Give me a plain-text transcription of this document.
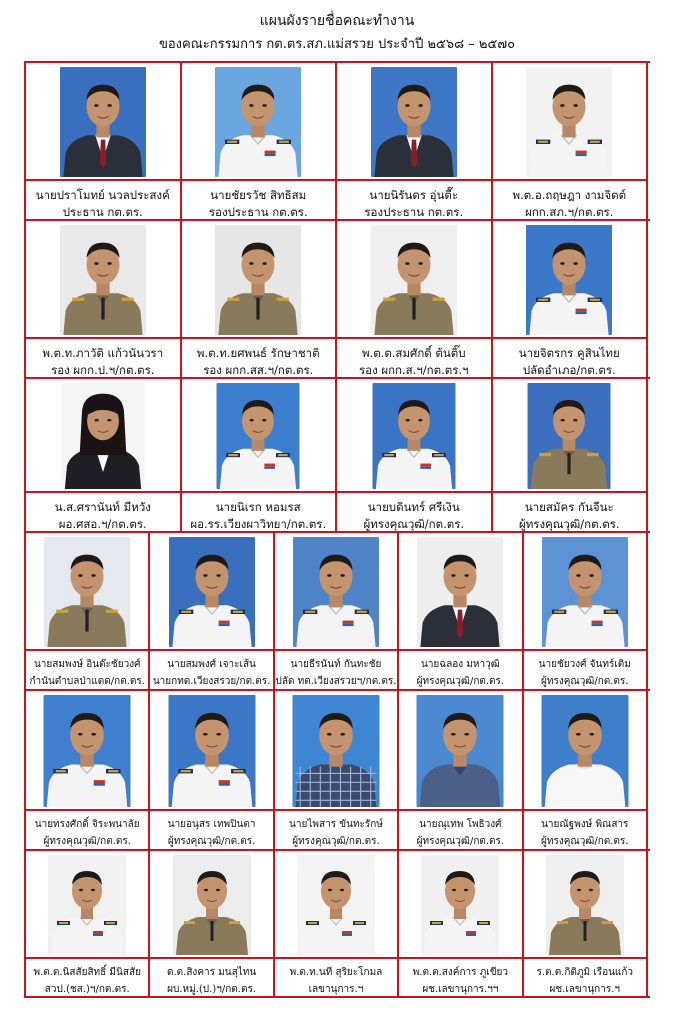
แผนผังรายชื่อคณะทำงาน
ของคณะกรรมการ กต.ตร.สภ.แม่สรวย ประจำปี ๒๕๖๘ – ๒๕๗๐
นายปราโมทย์ นวลประสงค์
ประธาน กต.ตร.
นายชัยรวัช สิทธิสม
รองประธาน กต.ตร.
นายนิรันดร อุ่นตื๊ะ
รองประธาน กต.ตร.
พ.ต.อ.ถฤษฎา งามจิตต์
ผกก.สภ.ฯ/กต.ตร.
พ.ต.ท.ภาวัติ แก้วนันวรา
รอง ผกก.ป.ฯ/กต.ตร.
พ.ต.ท.ยศพนธ์ รักษาชาติ
รอง ผกก.สส.ฯ/กต.ตร.
พ.ต.ต.สมศักดิ์ ต้นติ๊บ
รอง ผกก.ส.ฯ/กต.ตร.ฯ
นายจิตรกร คูสินไทย
ปลัดอำเภอ/กต.ตร.
น.ส.ศรานันท์ มีหวัง
ผอ.ศสอ.ฯ/กต.ตร.
นายนิเรก หอมรส
ผอ.รร.เวียงผาวิทยา/กต.ตร.
นายบดินทร์ ศรีเงิน
ผู้ทรงคุณวุฒิ/กต.ตร.
นายสมัคร กันจีนะ
ผู้ทรงคุณวุฒิ/กต.ตร.
นายสมพงษ์ อินต๊ะชัยวงศ์
กำนันตำบลป่าแดด/กต.ตร.
นายสมพงศ์ เจาะเส้น
นายกทต.เวียงสรวย/กต.ตร.
นายธีรนันท์ กันทะชัย
ปลัด ทต.เวียงสรวยฯ/กต.ตร.
นายฉลอง มหาวุฒิ
ผู้ทรงคุณวุฒิ/กต.ตร.
นายชัยวงศ์ จันทร์เติม
ผู้ทรงคุณวุฒิ/กต.ตร.
นายทรงศักดิ์ จิระพนาลัย
ผู้ทรงคุณวุฒิ/กต.ตร.
นายอนุสร เทพปินตา
ผู้ทรงคุณวุฒิ/กต.ตร.
นายไพสาร ขันทะรักษ์
ผู้ทรงคุณวุฒิ/กต.ตร.
นายณุเทพ โพธิวงศ์
ผู้ทรงคุณวุฒิ/กต.ตร.
นายณัฐพงษ์ พิณสาร
ผู้ทรงคุณวุฒิ/กต.ตร.
พ.ต.ต.นิสสัยสิทธิ์ มีนิสสัย
สวป.(ชส.)ฯ/กต.ตร.
ด.ต.สิงคาร มนสุไทน
ผบ.หมู่.(ป.)ฯ/กต.ตร.
พ.ต.ท.นที สุริยะโกมล
เลขานุการ.ฯ
พ.ต.ต.สงค์การ ภูเขียว
ผช.เลขานุการ.ฯฯ
ร.ต.ต.กิติภูมิ เรือนแก้ว
ผช.เลขานุการ.ฯ
